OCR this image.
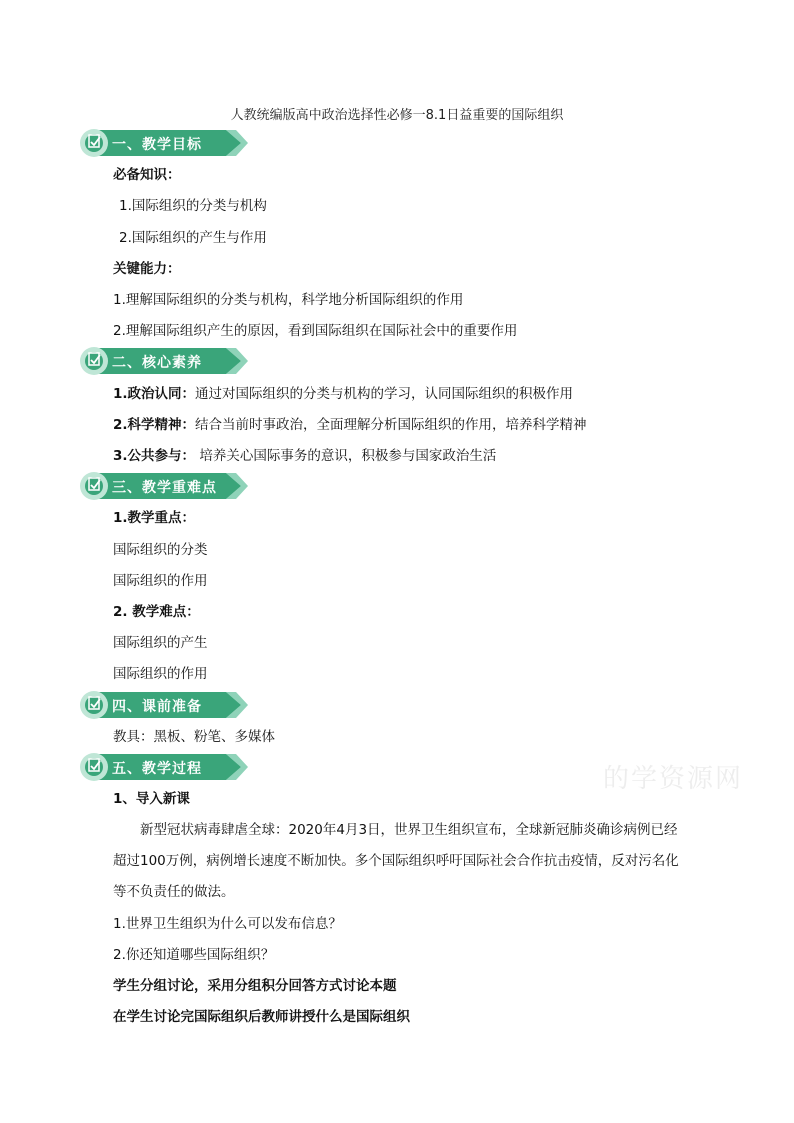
人教统编版高中政治选择性必修一8.1日益重要的国际组织
一、教学目标
必备知识：
1.国际组织的分类与机构
2.国际组织的产生与作用
关键能力：
1.理解国际组织的分类与机构，科学地分析国际组织的作用
2.理解国际组织产生的原因，看到国际组织在国际社会中的重要作用
二、核心素养
1.政治认同：通过对国际组织的分类与机构的学习，认同国际组织的积极作用
2.科学精神：结合当前时事政治，全面理解分析国际组织的作用，培养科学精神
3.公共参与： 培养关心国际事务的意识，积极参与国家政治生活
三、教学重难点
1.教学重点：
国际组织的分类
国际组织的作用
2. 教学难点：
国际组织的产生
国际组织的作用
四、课前准备
教具：黑板、粉笔、多媒体
五、教学过程	的学资源网
1、导入新课

新型冠状病毒肆虐全球：2020年4月3日，世界卫生组织宣布，全球新冠肺炎确诊病例已经超过100万例，病例增长速度不断加快。多个国际组织呼吁国际社会合作抗击疫情，反对污名化等不负责任的做法。

1.世界卫生组织为什么可以发布信息？
2.你还知道哪些国际组织？
学生分组讨论，采用分组积分回答方式讨论本题
在学生讨论完国际组织后教师讲授什么是国际组织
